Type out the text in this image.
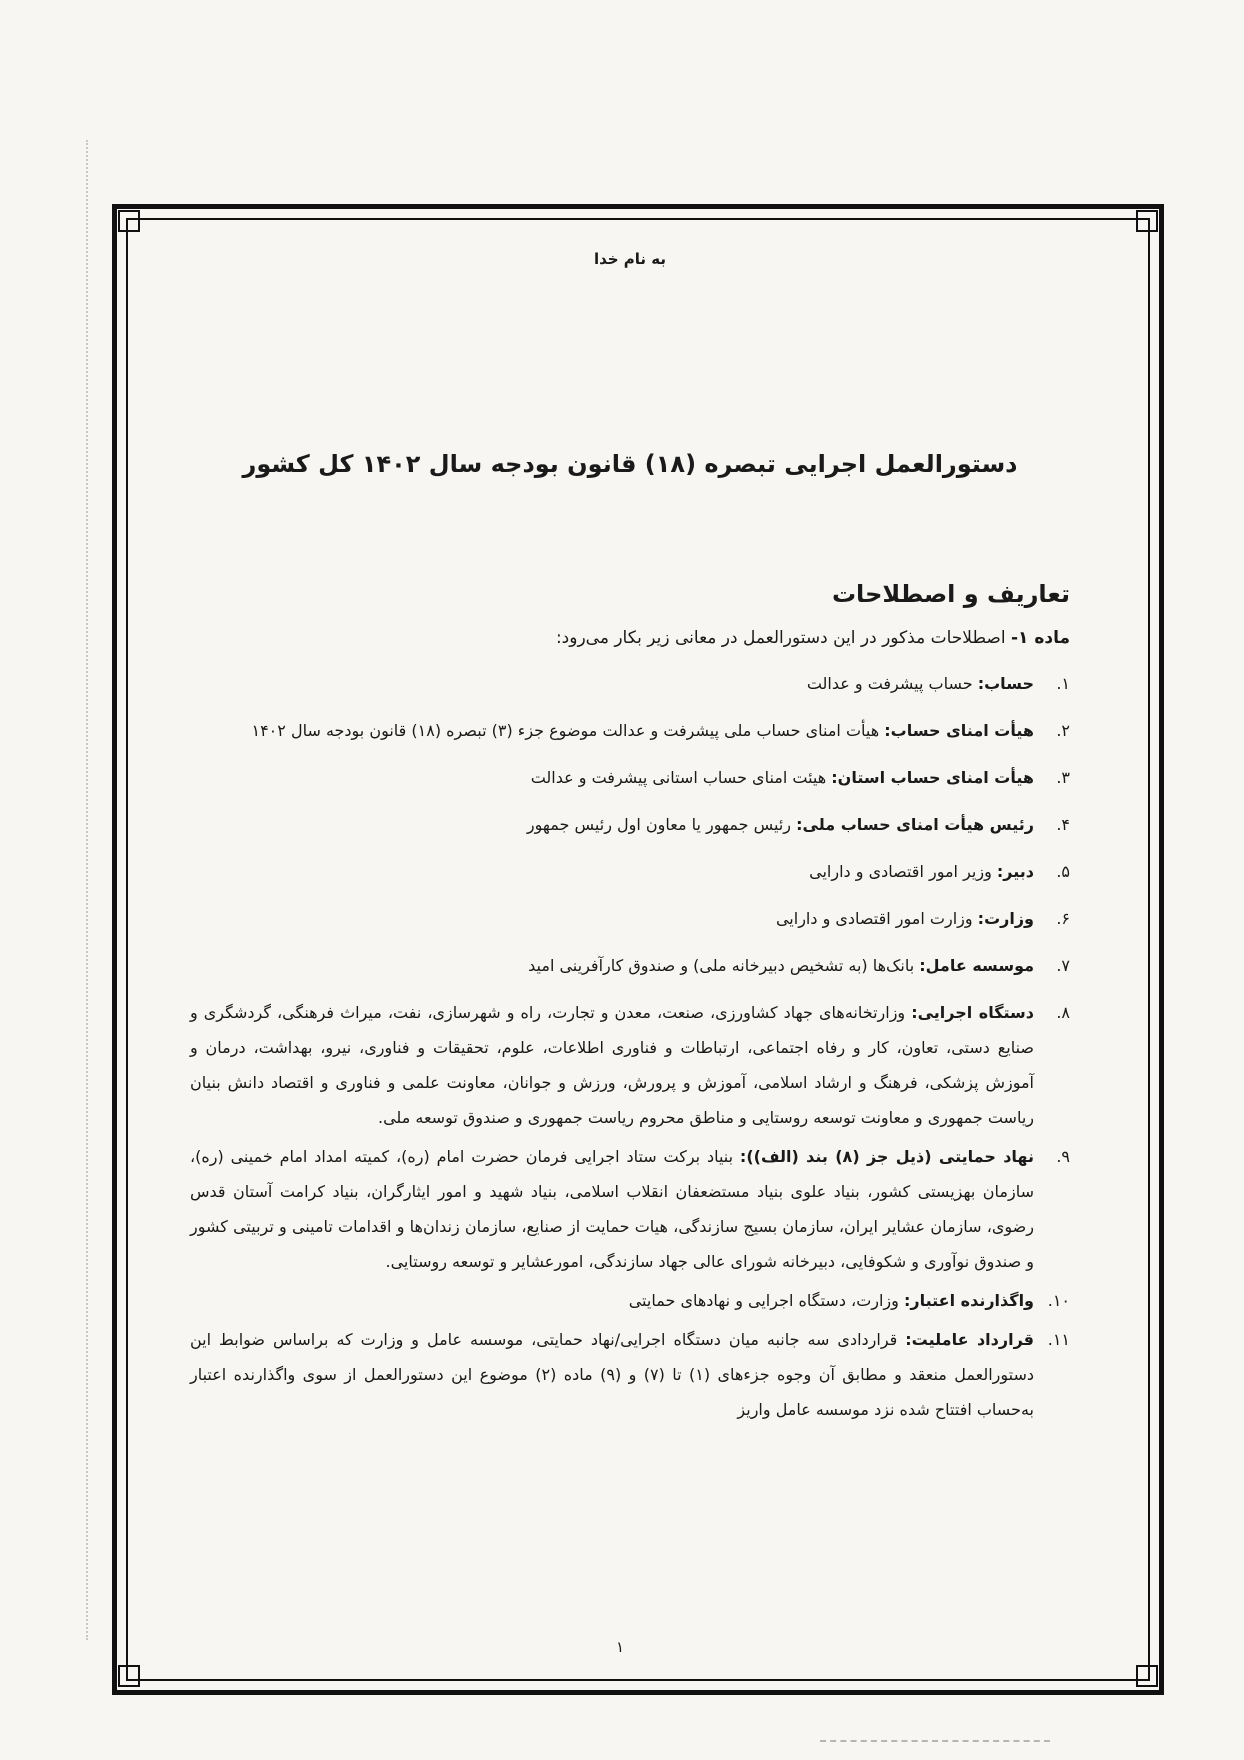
به نام خدا

دستورالعمل اجرایی تبصره (۱۸) قانون بودجه سال ۱۴۰۲ کل کشور
تعاریف و اصطلاحات

ماده ۱- اصطلاحات مذکور در این دستورالعمل در معانی زیر بکار می‌رود:

۱.
حساب: حساب پیشرفت و عدالت
۲.
هیأت امنای حساب: هیأت امنای حساب ملی پیشرفت و عدالت موضوع جزء (۳) تبصره (۱۸) قانون بودجه سال ۱۴۰۲
۳.
هیأت امنای حساب استان: هیئت امنای حساب استانی پیشرفت و عدالت
۴.
رئیس هیأت امنای حساب ملی: رئیس جمهور یا معاون اول رئیس جمهور
۵.
دبیر: وزیر امور اقتصادی و دارایی
۶.
وزارت: وزارت امور اقتصادی و دارایی
۷.
موسسه عامل: بانک‌ها (به تشخیص دبیرخانه ملی) و صندوق کارآفرینی امید
۸.
دستگاه اجرایی: وزارتخانه‌های جهاد کشاورزی، صنعت، معدن و تجارت، راه و شهرسازی، نفت، میراث فرهنگی، گردشگری و صنایع دستی، تعاون، کار و رفاه اجتماعی، ارتباطات و فناوری اطلاعات، علوم، تحقیقات و فناوری، نیرو، بهداشت، درمان و آموزش پزشکی، فرهنگ و ارشاد اسلامی، آموزش و پرورش، ورزش و جوانان، معاونت علمی و فناوری و اقتصاد دانش بنیان ریاست جمهوری و معاونت توسعه روستایی و مناطق محروم ریاست جمهوری و صندوق توسعه ملی.
۹.
نهاد حمایتی (ذیل جز (۸) بند (الف)): بنیاد برکت ستاد اجرایی فرمان حضرت امام (ره)، کمیته امداد امام خمینی (ره)، سازمان بهزیستی کشور، بنیاد علوی بنیاد مستضعفان انقلاب اسلامی، بنیاد شهید و امور ایثارگران، بنیاد کرامت آستان قدس رضوی، سازمان عشایر ایران، سازمان بسیج سازندگی، هیات حمایت از صنایع، سازمان زندان‌ها و اقدامات تامینی و تربیتی کشور و صندوق نوآوری و شکوفایی، دبیرخانه شورای عالی جهاد سازندگی، امورعشایر و توسعه روستایی.
۱۰.
واگذارنده اعتبار: وزارت، دستگاه اجرایی و نهادهای حمایتی
۱۱.
قرارداد عاملیت: قراردادی سه جانبه میان دستگاه اجرایی/نهاد حمایتی، موسسه عامل و وزارت که براساس ضوابط این دستورالعمل منعقد و مطابق آن وجوه جزء‌های (۱) تا (۷) و (۹) ماده (۲) موضوع این دستورالعمل از سوی واگذارنده اعتبار به‌حساب افتتاح شده نزد موسسه عامل واریز
۱
